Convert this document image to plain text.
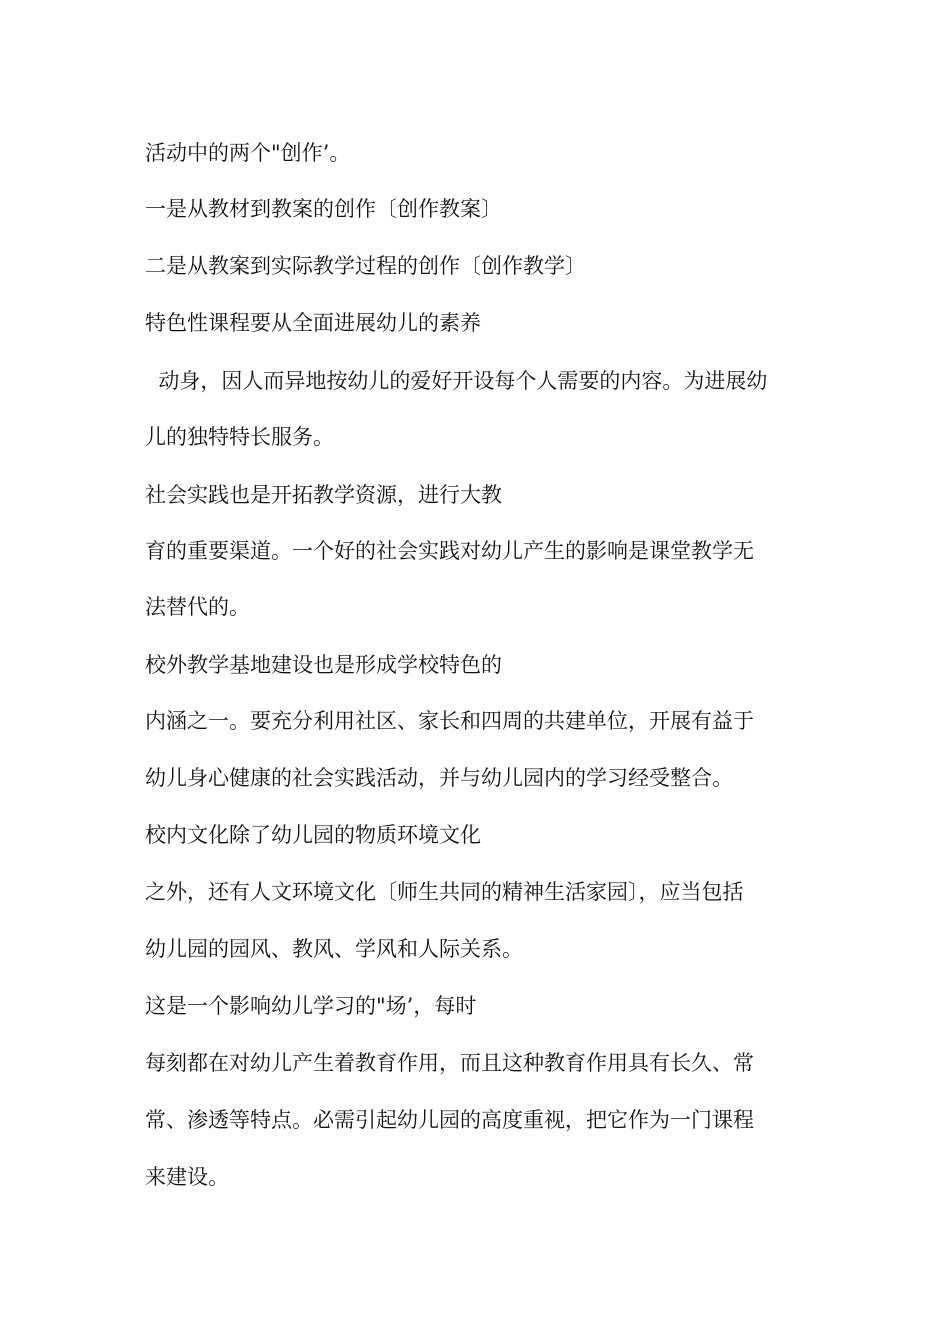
活动中的两个"创作’。
一是从教材到教案的创作〔创作教案〕
二是从教案到实际教学过程的创作〔创作教学〕
特色性课程要从全面进展幼儿的素养
动身，因人而异地按幼儿的爱好开设每个人需要的内容。为进展幼
儿的独特特长服务。
社会实践也是开拓教学资源，进行大教
育的重要渠道。一个好的社会实践对幼儿产生的影响是课堂教学无
法替代的。
校外教学基地建设也是形成学校特色的
内涵之一。要充分利用社区、家长和四周的共建单位，开展有益于
幼儿身心健康的社会实践活动，并与幼儿园内的学习经受整合。
校内文化除了幼儿园的物质环境文化
之外，还有人文环境文化〔师生共同的精神生活家园〕，应当包括
幼儿园的园风、教风、学风和人际关系。
这是一个影响幼儿学习的"场’，每时
每刻都在对幼儿产生着教育作用，而且这种教育作用具有长久、常
常、渗透等特点。必需引起幼儿园的高度重视，把它作为一门课程
来建设。
